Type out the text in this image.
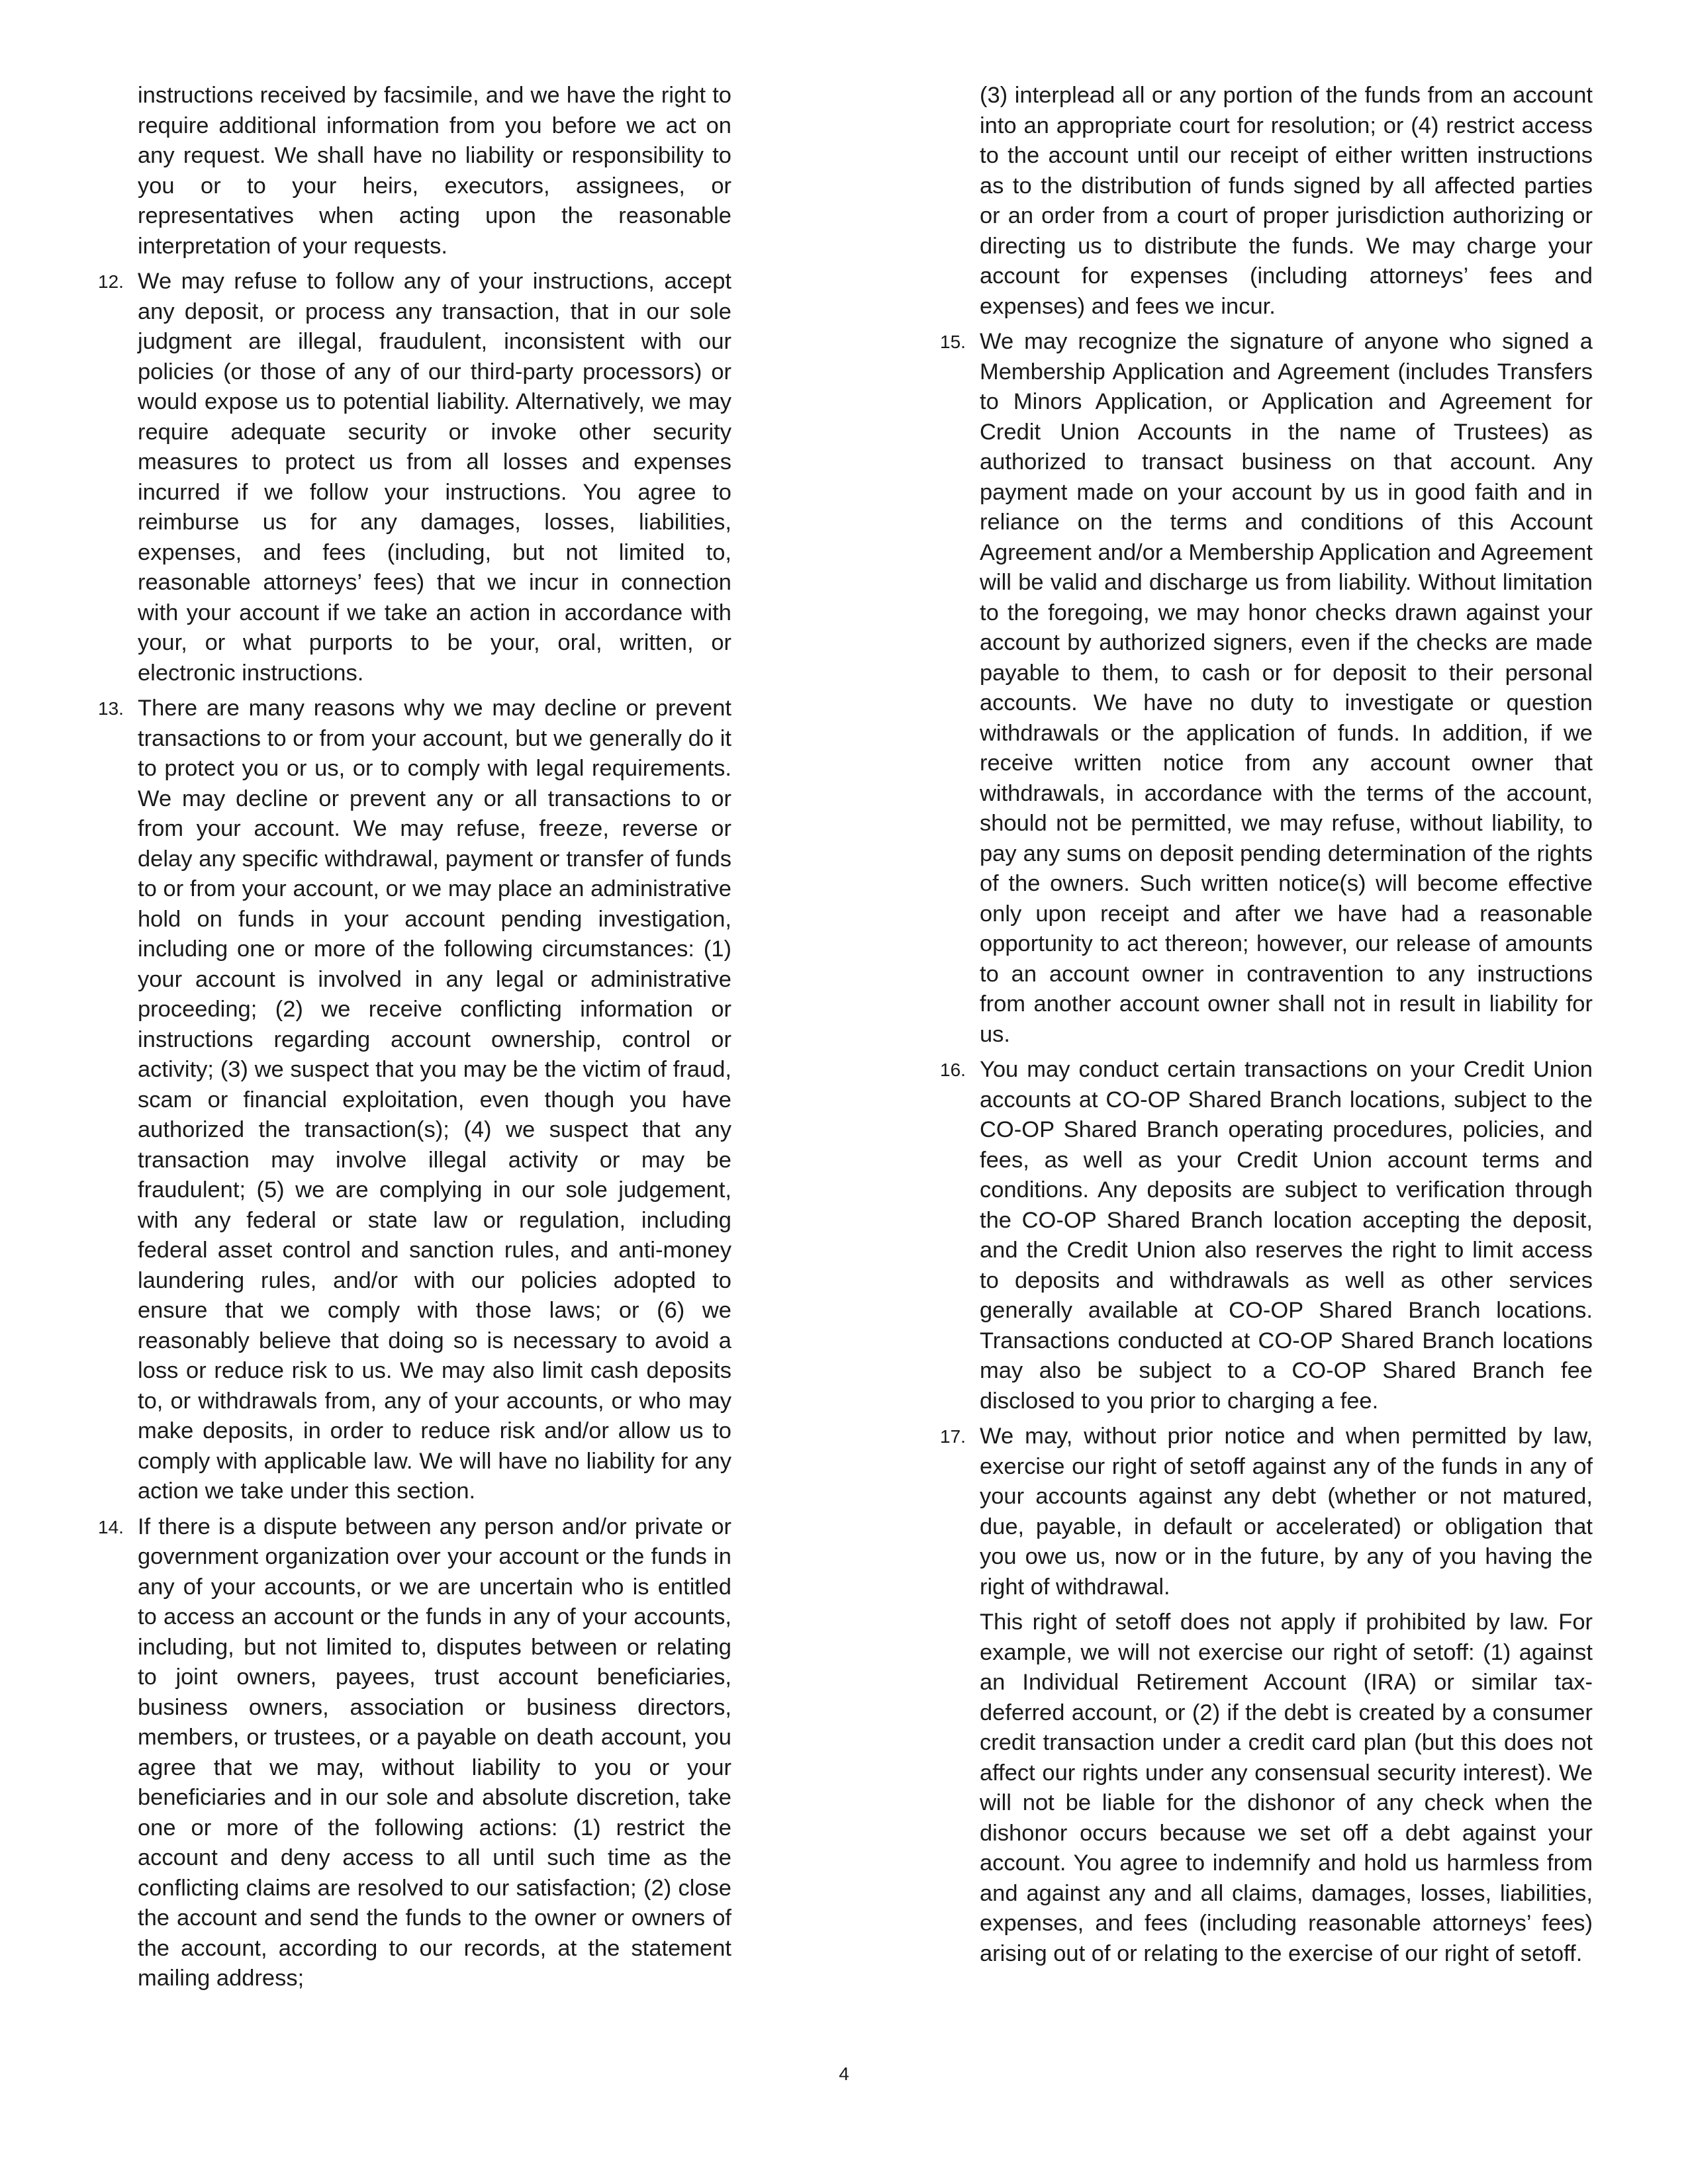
instructions received by facsimile, and we have the right to require additional information from you before we act on any request. We shall have no liability or responsibility to you or to your heirs, executors, assignees, or representatives when acting upon the reasonable interpretation of your requests.

12. We may refuse to follow any of your instructions, accept any deposit, or process any transaction, that in our sole judgment are illegal, fraudulent, inconsistent with our policies (or those of any of our third-party processors) or would expose us to potential liability. Alternatively, we may require adequate security or invoke other security measures to protect us from all losses and expenses incurred if we follow your instructions. You agree to reimburse us for any damages, losses, liabilities, expenses, and fees (including, but not limited to, reasonable attorneys’ fees) that we incur in connection with your account if we take an action in accordance with your, or what purports to be your, oral, written, or electronic instructions.
13. There are many reasons why we may decline or prevent transactions to or from your account, but we generally do it to protect you or us, or to comply with legal requirements. We may decline or prevent any or all transactions to or from your account. We may refuse, freeze, reverse or delay any specific withdrawal, payment or transfer of funds to or from your account, or we may place an administrative hold on funds in your account pending investigation, including one or more of the following circumstances: (1) your account is involved in any legal or administrative proceeding; (2) we receive conflicting information or instructions regarding account ownership, control or activity; (3) we suspect that you may be the victim of fraud, scam or financial exploitation, even though you have authorized the transaction(s); (4) we suspect that any transaction may involve illegal activity or may be fraudulent; (5) we are complying in our sole judgement, with any federal or state law or regulation, including federal asset control and sanction rules, and anti-money laundering rules, and/or with our policies adopted to ensure that we comply with those laws; or (6) we reasonably believe that doing so is necessary to avoid a loss or reduce risk to us. We may also limit cash deposits to, or withdrawals from, any of your accounts, or who may make deposits, in order to reduce risk and/or allow us to comply with applicable law. We will have no liability for any action we take under this section.
14. If there is a dispute between any person and/or private or government organization over your account or the funds in any of your accounts, or we are uncertain who is entitled to access an account or the funds in any of your accounts, including, but not limited to, disputes between or relating to joint owners, payees, trust account beneficiaries, business owners, association or business directors, members, or trustees, or a payable on death account, you agree that we may, without liability to you or your beneficiaries and in our sole and absolute discretion, take one or more of the following actions: (1) restrict the account and deny access to all until such time as the conflicting claims are resolved to our satisfaction; (2) close the account and send the funds to the owner or owners of the account, according to our records, at the statement mailing address;

(3) interplead all or any portion of the funds from an account into an appropriate court for resolution; or (4) restrict access to the account until our receipt of either written instructions as to the distribution of funds signed by all affected parties or an order from a court of proper jurisdiction authorizing or directing us to distribute the funds. We may charge your account for expenses (including attorneys’ fees and expenses) and fees we incur.

15. We may recognize the signature of anyone who signed a Membership Application and Agreement (includes Transfers to Minors Application, or Application and Agreement for Credit Union Accounts in the name of Trustees) as authorized to transact business on that account. Any payment made on your account by us in good faith and in reliance on the terms and conditions of this Account Agreement and/or a Membership Application and Agreement will be valid and discharge us from liability. Without limitation to the foregoing, we may honor checks drawn against your account by authorized signers, even if the checks are made payable to them, to cash or for deposit to their personal accounts. We have no duty to investigate or question withdrawals or the application of funds. In addition, if we receive written notice from any account owner that withdrawals, in accordance with the terms of the account, should not be permitted, we may refuse, without liability, to pay any sums on deposit pending determination of the rights of the owners. Such written notice(s) will become effective only upon receipt and after we have had a reasonable opportunity to act thereon; however, our release of amounts to an account owner in contravention to any instructions from another account owner shall not in result in liability for us.
16. You may conduct certain transactions on your Credit Union accounts at CO-OP Shared Branch locations, subject to the CO-OP Shared Branch operating procedures, policies, and fees, as well as your Credit Union account terms and conditions. Any deposits are subject to verification through the CO-OP Shared Branch location accepting the deposit, and the Credit Union also reserves the right to limit access to deposits and withdrawals as well as other services generally available at CO-OP Shared Branch locations. Transactions conducted at CO-OP Shared Branch locations may also be subject to a CO-OP Shared Branch fee disclosed to you prior to charging a fee.
17. We may, without prior notice and when permitted by law, exercise our right of setoff against any of the funds in any of your accounts against any debt (whether or not matured, due, payable, in default or accelerated) or obligation that you owe us, now or in the future, by any of you having the right of withdrawal.

This right of setoff does not apply if prohibited by law. For example, we will not exercise our right of setoff: (1) against an Individual Retirement Account (IRA) or similar tax-deferred account, or (2) if the debt is created by a consumer credit transaction under a credit card plan (but this does not affect our rights under any consensual security interest). We will not be liable for the dishonor of any check when the dishonor occurs because we set off a debt against your account. You agree to indemnify and hold us harmless from and against any and all claims, damages, losses, liabilities, expenses, and fees (including reasonable attorneys’ fees) arising out of or relating to the exercise of our right of setoff.

4
